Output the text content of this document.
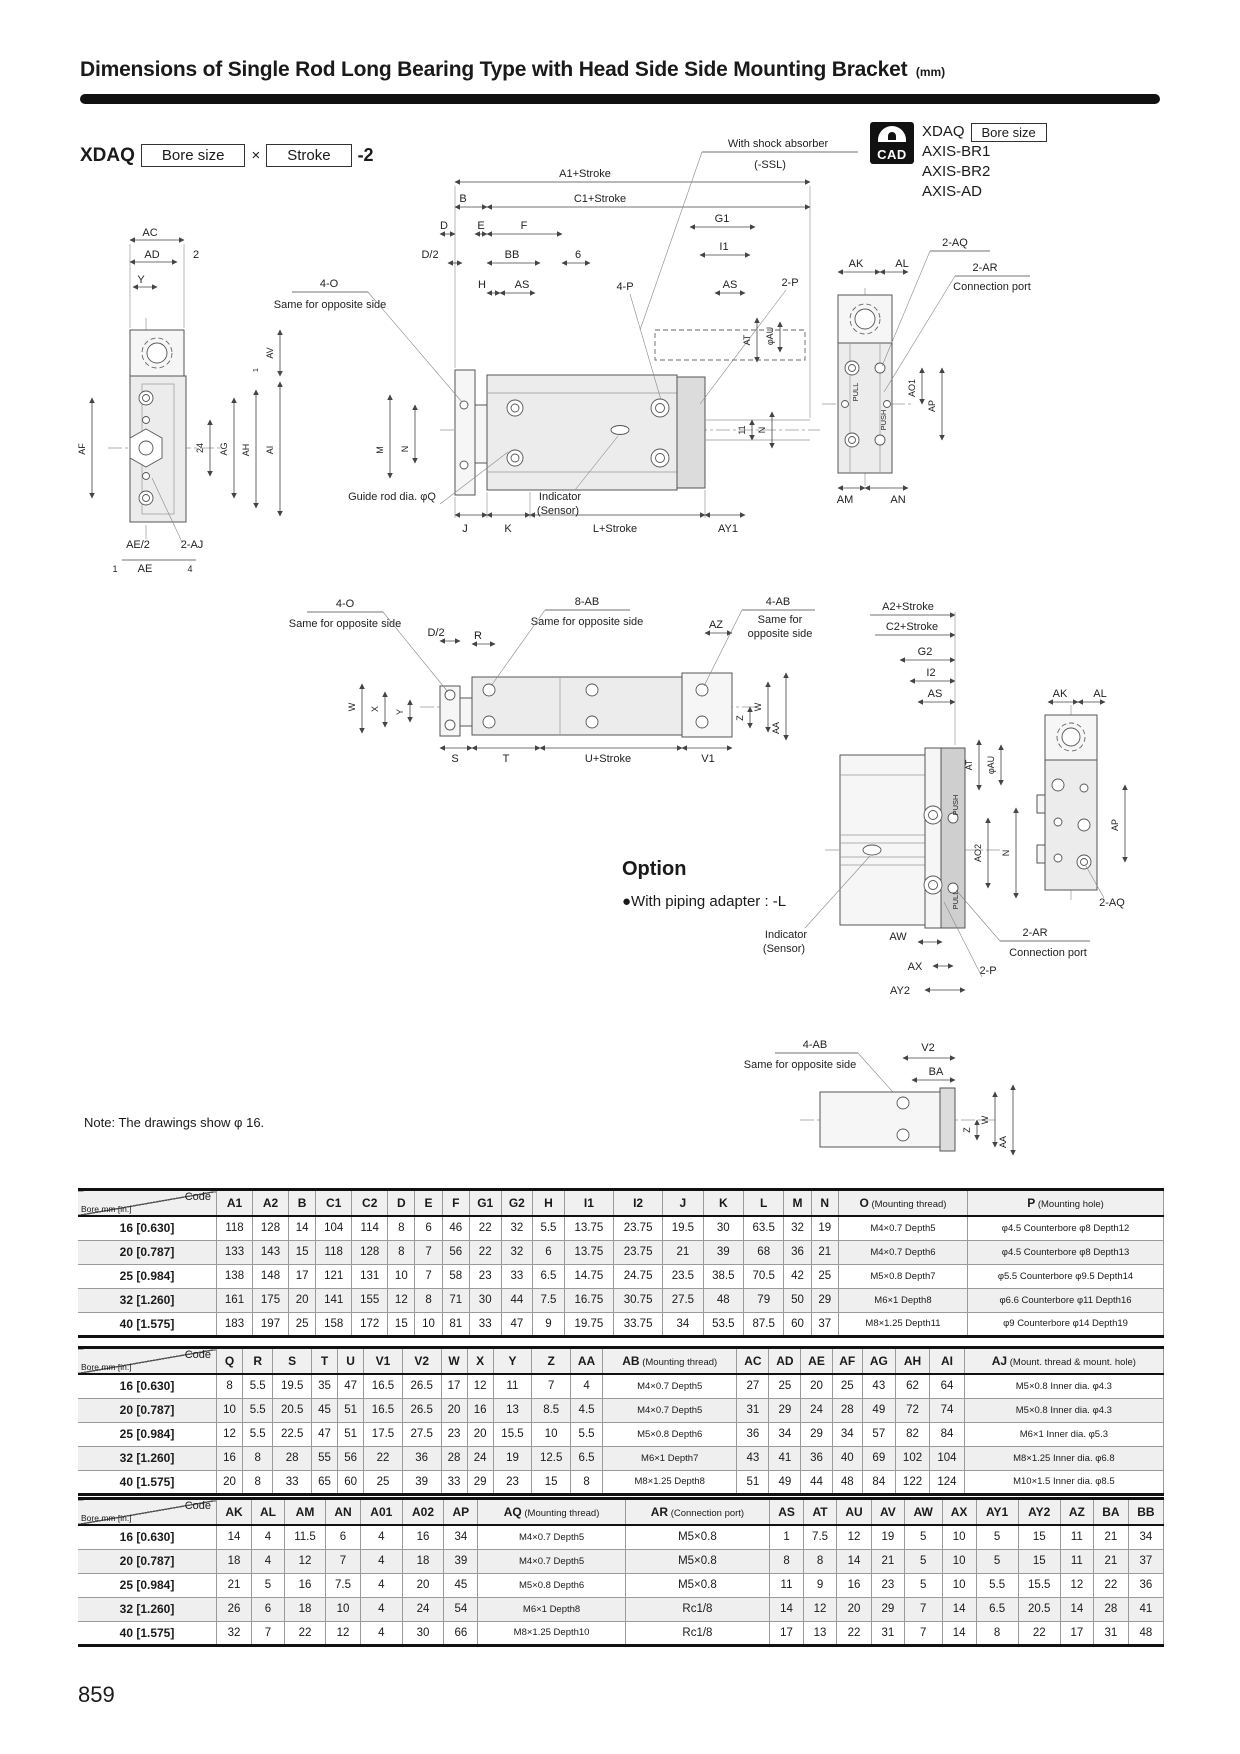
Dimensions of Single Rod Long Bearing Type with Head Side Side Mounting Bracket (mm)
XDAQ	Bore size	×	Stroke	-2	CAD
XDAQ	Bore size
AXIS-BR1
AXIS-BR2
AXIS-AD
AC
AD	2
Y
AV
1
AI
AH
AG
24
AF
AE/2	2-AJ
1 AE	4
A1+Stroke
B	C1+Stroke
D	E	F
G1
D/2	BB	6
I1
H	AS	4-P	AS	2-P
4-O
Same for opposite side
With shock absorber
(-SSL)
M N
AT φAU
11 N
J	K	L+Stroke	AY1
Guide rod dia. φQ	Indicator
(Sensor)
PULL
PUSH
AK	AL
2-AQ
2-AR
Connection port
AO1
AP
AM	AN
4-O
Same for opposite side
D/2	R
8-AB
Same for opposite side	AZ
4-AB
Same for
opposite side
W X Y
S	T	U+Stroke	V1
Z
W
AA
A2+Stroke
C2+Stroke
G2
I2
AS
PUSH
PULL
AT φAU
AO2 N
Indicator
(Sensor)
AW
AX
AY2
2-AR
Connection port
2-P
AK AL
AP
2-AQ
4-AB
Same for opposite side
V2
BA
Z
W
AA
Option

●With piping adapter : -L

Note: The drawings show φ 16.
Code
Bore mm [in.]	A1	A2	B	C1	C2	D	E	F	G1	G2	H	I1	I2	J	K	L	M	N	O (Mounting thread)	P (Mounting hole)
16 [0.630]	118	128	14	104	114	8	6	46	22	32	5.5	13.75	23.75	19.5	30	63.5	32	19	M4×0.7 Depth5	φ4.5 Counterbore φ8 Depth12
20 [0.787]	133	143	15	118	128	8	7	56	22	32	6	13.75	23.75	21	39	68	36	21	M4×0.7 Depth6	φ4.5 Counterbore φ8 Depth13
25 [0.984]	138	148	17	121	131	10	7	58	23	33	6.5	14.75	24.75	23.5	38.5	70.5	42	25	M5×0.8 Depth7	φ5.5 Counterbore φ9.5 Depth14
32 [1.260]	161	175	20	141	155	12	8	71	30	44	7.5	16.75	30.75	27.5	48	79	50	29	M6×1 Depth8	φ6.6 Counterbore φ11 Depth16
40 [1.575]	183	197	25	158	172	15	10	81	33	47	9	19.75	33.75	34	53.5	87.5	60	37	M8×1.25 Depth11	φ9 Counterbore φ14 Depth19
Code
Bore mm [in.]	Q	R	S	T	U	V1	V2	W	X	Y	Z	AA	AB (Mounting thread)	AC	AD	AE	AF	AG	AH	AI	AJ (Mount. thread & mount. hole)
16 [0.630]	8	5.5	19.5	35	47	16.5	26.5	17	12	11	7	4	M4×0.7 Depth5	27	25	20	25	43	62	64	M5×0.8 Inner dia. φ4.3
20 [0.787]	10	5.5	20.5	45	51	16.5	26.5	20	16	13	8.5	4.5	M4×0.7 Depth5	31	29	24	28	49	72	74	M5×0.8 Inner dia. φ4.3
25 [0.984]	12	5.5	22.5	47	51	17.5	27.5	23	20	15.5	10	5.5	M5×0.8 Depth6	36	34	29	34	57	82	84	M6×1 Inner dia. φ5.3
32 [1.260]	16	8	28	55	56	22	36	28	24	19	12.5	6.5	M6×1 Depth7	43	41	36	40	69	102	104	M8×1.25 Inner dia. φ6.8
40 [1.575]	20	8	33	65	60	25	39	33	29	23	15	8	M8×1.25 Depth8	51	49	44	48	84	122	124	M10×1.5 Inner dia. φ8.5
Code
Bore mm [in.]	AK	AL	AM	AN	A01	A02	AP	AQ (Mounting thread)	AR (Connection port)	AS	AT	AU	AV	AW	AX	AY1	AY2	AZ	BA	BB
16 [0.630]	14	4	11.5	6	4	16	34	M4×0.7 Depth5	M5×0.8	1	7.5	12	19	5	10	5	15	11	21	34
20 [0.787]	18	4	12	7	4	18	39	M4×0.7 Depth5	M5×0.8	8	8	14	21	5	10	5	15	11	21	37
25 [0.984]	21	5	16	7.5	4	20	45	M5×0.8 Depth6	M5×0.8	11	9	16	23	5	10	5.5	15.5	12	22	36
32 [1.260]	26	6	18	10	4	24	54	M6×1 Depth8	Rc1/8	14	12	20	29	7	14	6.5	20.5	14	28	41
40 [1.575]	32	7	22	12	4	30	66	M8×1.25 Depth10	Rc1/8	17	13	22	31	7	14	8	22	17	31	48
859
